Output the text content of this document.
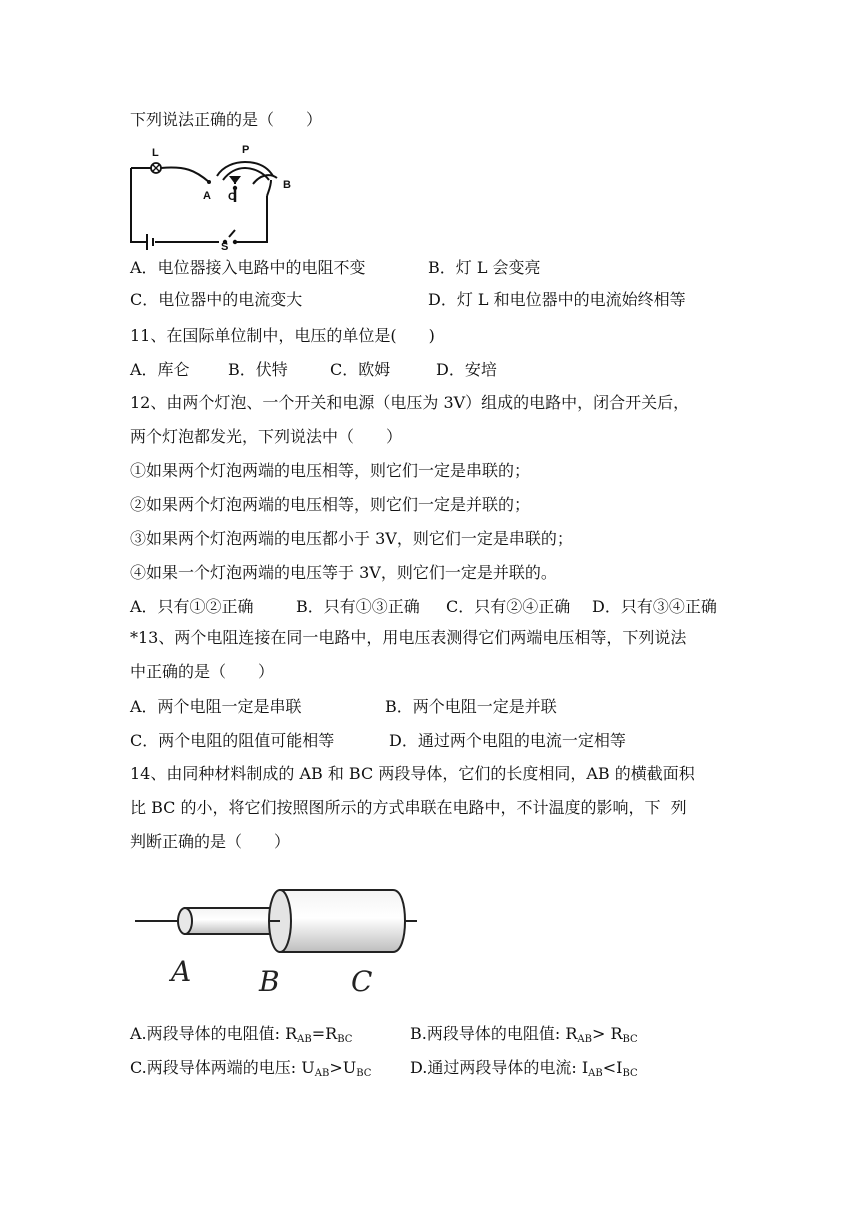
下列说法正确的是（　　）

L	P
A
B
O
S
A．电位器接入电路中的电阻不变	B．灯 L 会变亮
C．电位器中的电流变大	D．灯 L 和电位器中的电流始终相等

11、在国际单位制中，电压的单位是(　　)

A．库仑 B．伏特	C．欧姆	D．安培

12、由两个灯泡、一个开关和电源（电压为 3V）组成的电路中，闭合开关后，

两个灯泡都发光，下列说法中（　　）

①如果两个灯泡两端的电压相等，则它们一定是串联的；

②如果两个灯泡两端的电压相等，则它们一定是并联的；

③如果两个灯泡两端的电压都小于 3V，则它们一定是串联的；

④如果一个灯泡两端的电压等于 3V，则它们一定是并联的。

A．只有①②正确	B．只有①③正确 C．只有②④正确 D．只有③④正确

*13、两个电阻连接在同一电路中，用电压表测得它们两端电压相等，下列说法

中正确的是（　　）

A．两个电阻一定是串联	B．两个电阻一定是并联
C．两个电阻的阻值可能相等	D．通过两个电阻的电流一定相等

14、由同种材料制成的 AB 和 BC 两段导体，它们的长度相同，AB 的横截面积

比 BC 的小，将它们按照图所示的方式串联在电路中，不计温度的影响，下  列

判断正确的是（　　）

A B	C
A.两段导体的电阻值: $R_{AB}=R_{BC}$	B.两段导体的电阻值: $R_{AB}> R_{BC}$
C.两段导体两端的电压: $U_{AB}>U_{BC}$ D.通过两段导体的电流: $I_{AB}<I_{BC}$
